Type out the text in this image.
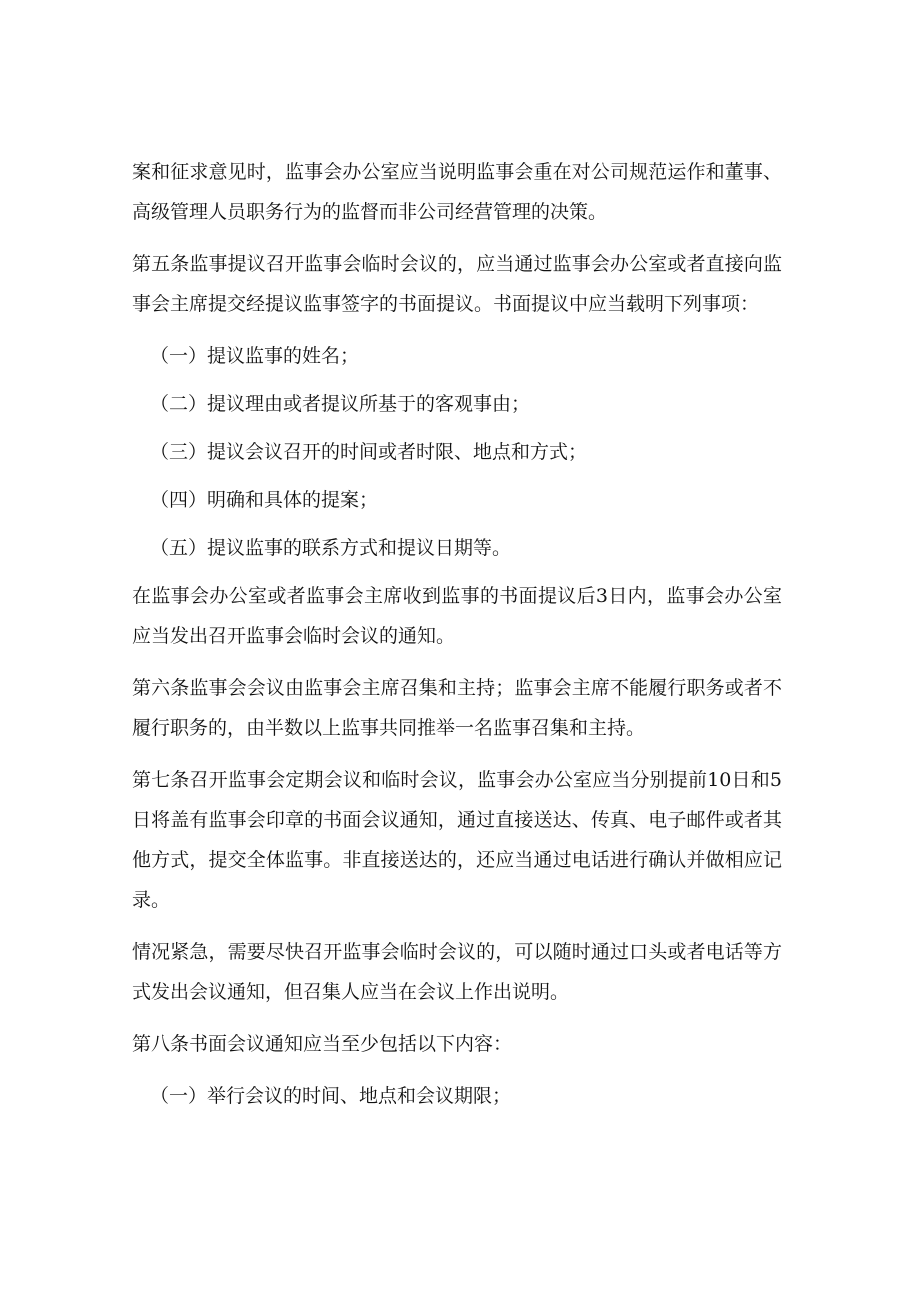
案和征求意见时，监事会办公室应当说明监事会重在对公司规范运作和董事、高级管理人员职务行为的监督而非公司经营管理的决策。

第五条监事提议召开监事会临时会议的，应当通过监事会办公室或者直接向监事会主席提交经提议监事签字的书面提议。书面提议中应当载明下列事项：

（一）提议监事的姓名；

（二）提议理由或者提议所基于的客观事由；

（三）提议会议召开的时间或者时限、地点和方式；

（四）明确和具体的提案；

（五）提议监事的联系方式和提议日期等。

在监事会办公室或者监事会主席收到监事的书面提议后3日内，监事会办公室应当发出召开监事会临时会议的通知。

第六条监事会会议由监事会主席召集和主持；监事会主席不能履行职务或者不履行职务的，由半数以上监事共同推举一名监事召集和主持。

第七条召开监事会定期会议和临时会议，监事会办公室应当分别提前10日和5日将盖有监事会印章的书面会议通知，通过直接送达、传真、电子邮件或者其他方式，提交全体监事。非直接送达的，还应当通过电话进行确认并做相应记录。

情况紧急，需要尽快召开监事会临时会议的，可以随时通过口头或者电话等方式发出会议通知，但召集人应当在会议上作出说明。

第八条书面会议通知应当至少包括以下内容：

（一）举行会议的时间、地点和会议期限；
